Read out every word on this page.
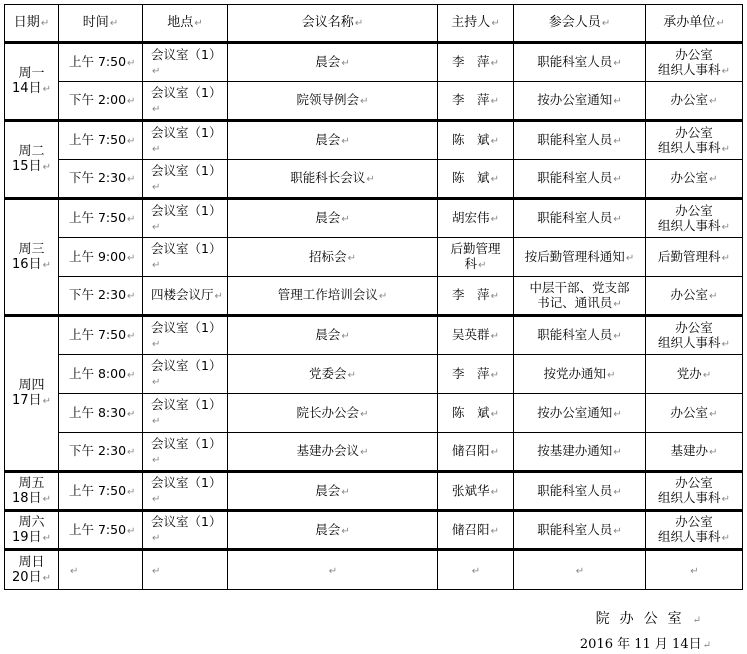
日期↵	时间↵	地点↵	会议名称↵	主持人↵	参会人员↵	承办单位↵
周一
14日↵	上午 7:50↵	会议室（1）↵	晨会↵	李　萍↵	职能科室人员↵	办公室
组织人事科↵
	下午 2:00↵	会议室（1）↵	院领导例会↵	李　萍↵	按办公室通知↵	办公室↵
周二
15日↵	上午 7:50↵	会议室（1）↵	晨会↵	陈　斌↵	职能科室人员↵	办公室
组织人事科↵
	下午 2:30↵	会议室（1）↵	职能科长会议↵	陈　斌↵	职能科室人员↵	办公室↵
周三
16日↵	上午 7:50↵	会议室（1）↵	晨会↵	胡宏伟↵	职能科室人员↵	办公室
组织人事科↵
	上午 9:00↵	会议室（1）↵	招标会↵	后勤管理
科↵	按后勤管理科通知↵	后勤管理科↵
	下午 2:30↵	四楼会议厅↵	管理工作培训会议↵	李　萍↵	中层干部、党支部
书记、通讯员↵	办公室↵
周四
17日↵	上午 7:50↵	会议室（1）↵	晨会↵	吴英群↵	职能科室人员↵	办公室
组织人事科↵
	上午 8:00↵	会议室（1）↵	党委会↵	李　萍↵	按党办通知↵	党办↵
	上午 8:30↵	会议室（1）↵	院长办公会↵	陈　斌↵	按办公室通知↵	办公室↵
	下午 2:30↵	会议室（1）↵	基建办会议↵	储召阳↵	按基建办通知↵	基建办↵
周五
18日↵	上午 7:50↵	会议室（1）↵	晨会↵	张斌华↵	职能科室人员↵	办公室
组织人事科↵
周六
19日↵	上午 7:50↵	会议室（1）↵	晨会↵	储召阳↵	职能科室人员↵	办公室
组织人事科↵
周日
20日↵	↵	↵	↵	↵	↵	↵
院办公室↵
2016 年 11 月 14日↵
